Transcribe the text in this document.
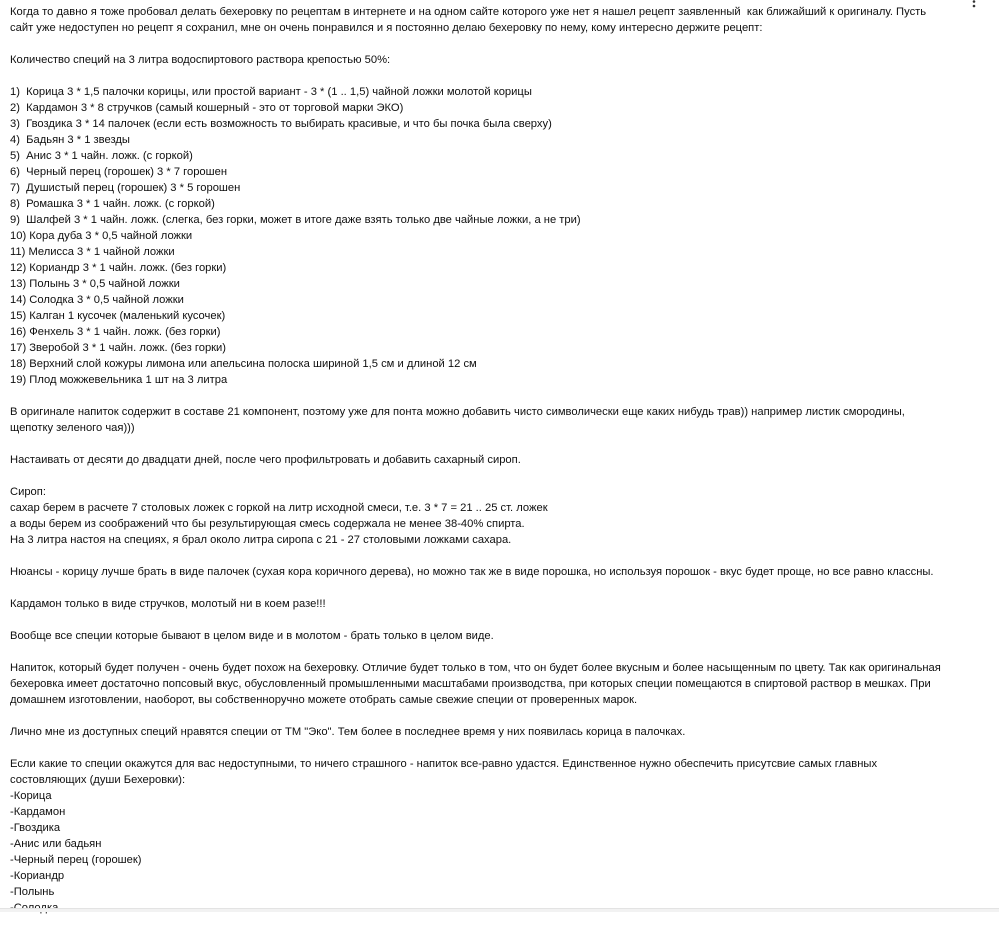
Когда то давно я тоже пробовал делать бехеровку по рецептам в интернете и на одном сайте которого уже нет я нашел рецепт заявленный  как ближайший к оригиналу. Пусть
сайт уже недоступен но рецепт я сохранил, мне он очень понравился и я постоянно делаю бехеровку по нему, кому интересно держите рецепт:
Количество специй на 3 литра водоспиртового раствора крепостью 50%:
1)  Корица 3 * 1,5 палочки корицы, или простой вариант - 3 * (1 .. 1,5) чайной ложки молотой корицы
2)  Кардамон 3 * 8 стручков (самый кошерный - это от торговой марки ЭКО)
3)  Гвоздика 3 * 14 палочек (если есть возможность то выбирать красивые, и что бы почка была сверху)
4)  Бадьян 3 * 1 звезды
5)  Анис 3 * 1 чайн. ложк. (с горкой)
6)  Черный перец (горошек) 3 * 7 горошен
7)  Душистый перец (горошек) 3 * 5 горошен
8)  Ромашка 3 * 1 чайн. ложк. (с горкой)
9)  Шалфей 3 * 1 чайн. ложк. (слегка, без горки, может в итоге даже взять только две чайные ложки, а не три)
10) Кора дуба 3 * 0,5 чайной ложки
11) Мелисса 3 * 1 чайной ложки
12) Кориандр 3 * 1 чайн. ложк. (без горки)
13) Полынь 3 * 0,5 чайной ложки
14) Солодка 3 * 0,5 чайной ложки
15) Калган 1 кусочек (маленький кусочек)
16) Фенхель 3 * 1 чайн. ложк. (без горки)
17) Зверобой 3 * 1 чайн. ложк. (без горки)
18) Верхний слой кожуры лимона или апельсина полоска шириной 1,5 см и длиной 12 см
19) Плод можжевельника 1 шт на 3 литра
В оригинале напиток содержит в составе 21 компонент, поэтому уже для понта можно добавить чисто символически еще каких нибудь трав)) например листик смородины,
щепотку зеленого чая)))
Настаивать от десяти до двадцати дней, после чего профильтровать и добавить сахарный сироп.
Сироп:
сахар берем в расчете 7 столовых ложек с горкой на литр исходной смеси, т.е. 3 * 7 = 21 .. 25 ст. ложек
а воды берем из соображений что бы результирующая смесь содержала не менее 38-40% спирта.
На 3 литра настоя на специях, я брал около литра сиропа с 21 - 27 столовыми ложками сахара.
Нюансы - корицу лучше брать в виде палочек (сухая кора коричного дерева), но можно так же в виде порошка, но используя порошок - вкус будет проще, но все равно классны.
Кардамон только в виде стручков, молотый ни в коем разе!!!
Вообще все специи которые бывают в целом виде и в молотом - брать только в целом виде.
Напиток, который будет получен - очень будет похож на бехеровку. Отличие будет только в том, что он будет более вкусным и более насыщенным по цвету. Так как оригинальная
бехеровка имеет достаточно попсовый вкус, обусловленный промышленными масштабами производства, при которых специи помещаются в спиртовой раствор в мешках. При
домашнем изготовлении, наоборот, вы собственноручно можете отобрать самые свежие специи от проверенных марок.
Лично мне из доступных специй нравятся специи от ТМ "Эко". Тем более в последнее время у них появилась корица в палочках.
Если какие то специи окажутся для вас недоступными, то ничего страшного - напиток все-равно удастся. Единственное нужно обеспечить присутсвие самых главных
состовляющих (души Бехеровки):
-Корица
-Кардамон
-Гвоздика
-Анис или бадьян
-Черный перец (горошек)
-Кориандр
-Полынь
